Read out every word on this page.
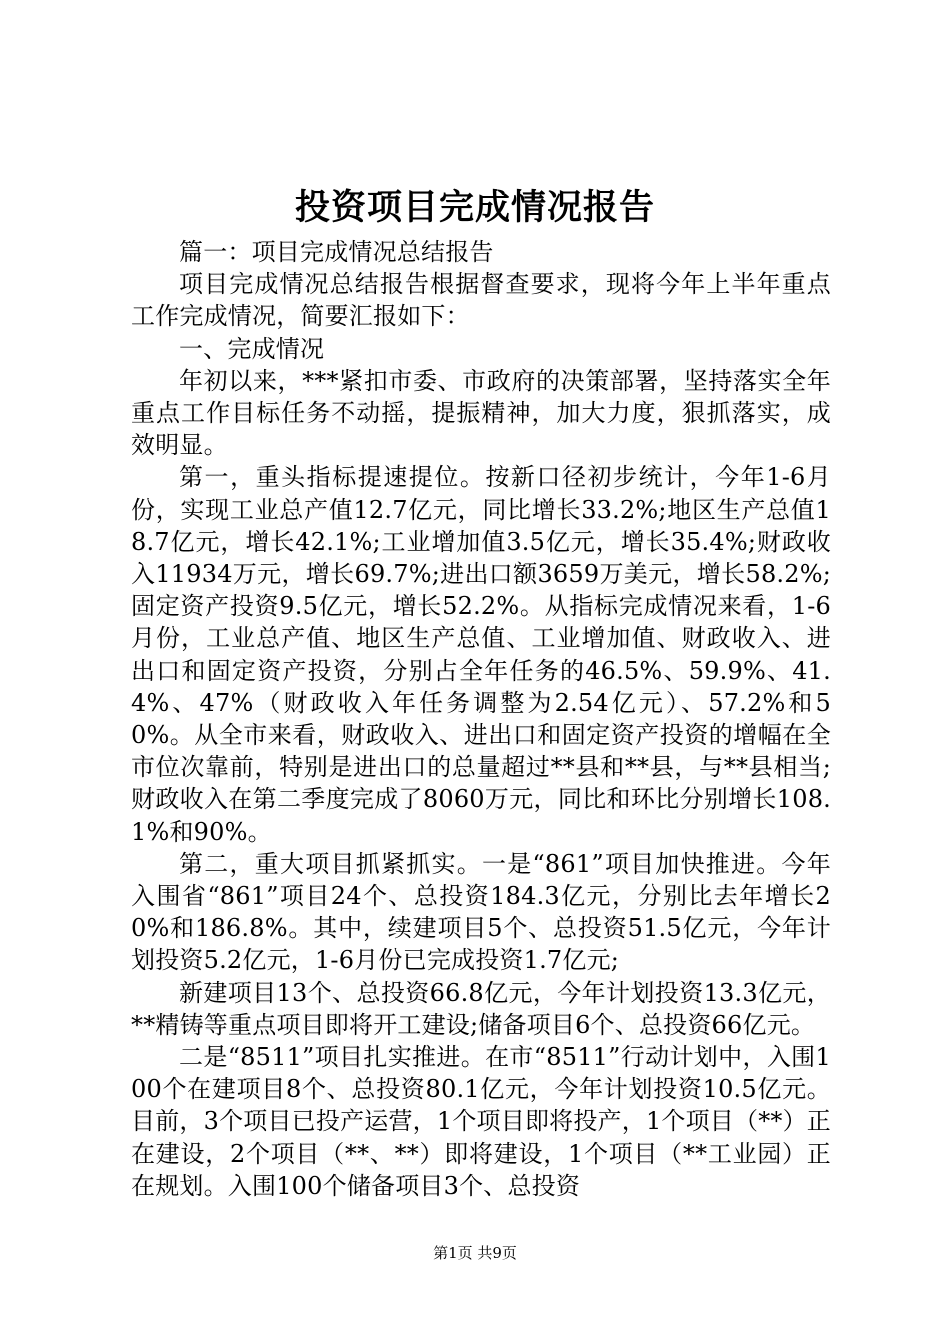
投资项目完成情况报告

篇一：项目完成情况总结报告

项目完成情况总结报告根据督查要求，现将今年上半年重点工作完成情况，简要汇报如下：

一、完成情况

年初以来，***紧扣市委、市政府的决策部署，坚持落实全年重点工作目标任务不动摇，提振精神，加大力度，狠抓落实，成效明显。

第一，重头指标提速提位。按新口径初步统计，今年1-6月份，实现工业总产值12.7亿元，同比增长33.2%;地区生产总值18.7亿元，增长42.1%;工业增加值3.5亿元，增长35.4%;财政收入11934万元，增长69.7%;进出口额3659万美元，增长58.2%;固定资产投资9.5亿元，增长52.2%。从指标完成情况来看，1-6月份，工业总产值、地区生产总值、工业增加值、财政收入、进出口和固定资产投资，分别占全年任务的46.5%、59.9%、41.4%、47%（财政收入年任务调整为2.54亿元）、57.2%和50%。从全市来看，财政收入、进出口和固定资产投资的增幅在全市位次靠前，特别是进出口的总量超过**县和**县，与**县相当;财政收入在第二季度完成了8060万元，同比和环比分别增长108.1%和90%。

第二，重大项目抓紧抓实。一是“861”项目加快推进。今年入围省“861”项目24个、总投资184.3亿元，分别比去年增长20%和186.8%。其中，续建项目5个、总投资51.5亿元，今年计划投资5.2亿元，1-6月份已完成投资1.7亿元;

新建项目13个、总投资66.8亿元，今年计划投资13.3亿元，**精铸等重点项目即将开工建设;储备项目6个、总投资66亿元。

二是“8511”项目扎实推进。在市“8511”行动计划中，入围100个在建项目8个、总投资80.1亿元，今年计划投资10.5亿元。目前，3个项目已投产运营，1个项目即将投产，1个项目（**）正在建设，2个项目（**、**）即将建设，1个项目（**工业园）正在规划。入围100个储备项目3个、总投资

第1页 共9页
